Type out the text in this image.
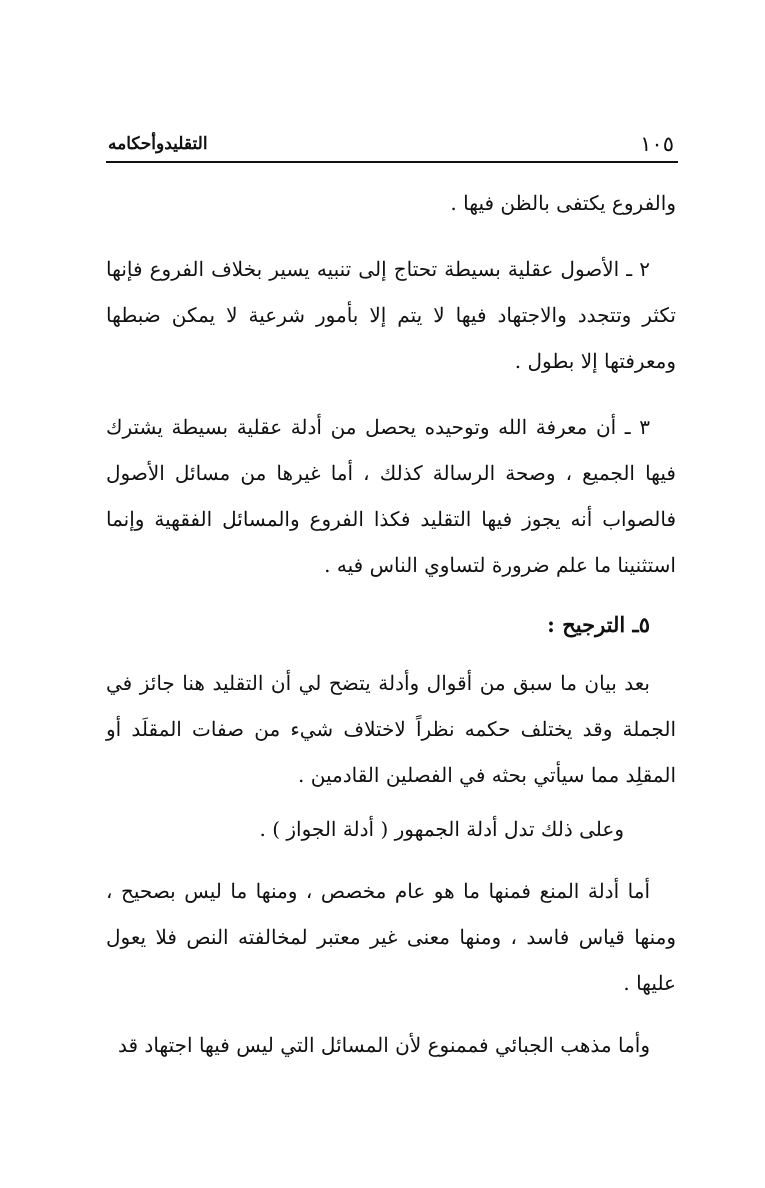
التقليدوأحكامه	١٠٥

والفروع يكتفى بالظن فيها .

٢ ـ الأصول عقلية بسيطة تحتاج إلى تنبيه يسير بخلاف الفروع فإنها تكثر وتتجدد والاجتهاد فيها لا يتم إلا بأمور شرعية لا يمكن ضبطها ومعرفتها إلا بطول .

٣ ـ أن معرفة الله وتوحيده يحصل من أدلة عقلية بسيطة يشترك فيها الجميع ، وصحة الرسالة كذلك ، أما غيرها من مسائل الأصول فالصواب أنه يجوز فيها التقليد فكذا الفروع والمسائل الفقهية وإنما استثنينا ما علم ضرورة لتساوي الناس فيه .

٥ـ الترجيح :

بعد بيان ما سبق من أقوال وأدلة يتضح لي أن التقليد هنا جائز في الجملة وقد يختلف حكمه نظراً لاختلاف شيء من صفات المقلَد أو المقلِد مما سيأتي بحثه في الفصلين القادمين .

وعلى ذلك تدل أدلة الجمهور ( أدلة الجواز ) .

أما أدلة المنع فمنها ما هو عام مخصص ، ومنها ما ليس بصحيح ، ومنها قياس فاسد ، ومنها معنى غير معتبر لمخالفته النص فلا يعول عليها .

وأما مذهب الجبائي فممنوع لأن المسائل التي ليس فيها اجتهاد قد
